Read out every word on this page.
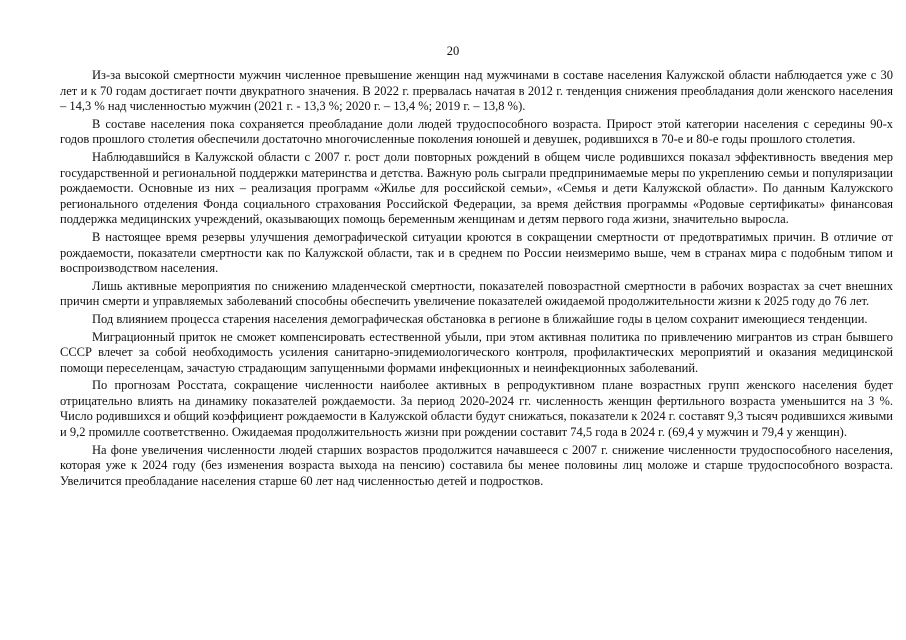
20

Из-за высокой смертности мужчин численное превышение женщин над мужчинами в составе населения Калужской области наблюдается уже с 30 лет и к 70 годам достигает почти двукратного значения. В 2022 г. прервалась начатая в 2012 г. тенденция снижения преобладания доли женского населения – 14,3 % над численностью мужчин (2021 г. - 13,3 %; 2020 г. – 13,4 %; 2019 г. – 13,8 %).

В составе населения пока сохраняется преобладание доли людей трудоспособного возраста. Прирост этой категории населения с середины 90-х годов прошлого столетия обеспечили достаточно многочисленные поколения юношей и девушек, родившихся в 70-е и 80-е годы прошлого столетия.

Наблюдавшийся в Калужской области с 2007 г. рост доли повторных рождений в общем числе родившихся показал эффективность введения мер государственной и региональной поддержки материнства и детства. Важную роль сыграли предпринимаемые меры по укреплению семьи и популяризации рождаемости. Основные из них – реализация программ «Жилье для российской семьи», «Семья и дети Калужской области». По данным Калужского регионального отделения Фонда социального страхования Российской Федерации, за время действия программы «Родовые сертификаты» финансовая поддержка медицинских учреждений, оказывающих помощь беременным женщинам и детям первого года жизни, значительно выросла.

В настоящее время резервы улучшения демографической ситуации кроются в сокращении смертности от предотвратимых причин. В отличие от рождаемости, показатели смертности как по Калужской области, так и в среднем по России неизмеримо выше, чем в странах мира с подобным типом и воспроизводством населения.

Лишь активные мероприятия по снижению младенческой смертности, показателей повозрастной смертности в рабочих возрастах за счет внешних причин смерти и управляемых заболеваний способны обеспечить увеличение показателей ожидаемой продолжительности жизни к 2025 году до 76 лет.

Под влиянием процесса старения населения демографическая обстановка в регионе в ближайшие годы в целом сохранит имеющиеся тенденции.

Миграционный приток не сможет компенсировать естественной убыли, при этом активная политика по привлечению мигрантов из стран бывшего СССР влечет за собой необходимость усиления санитарно-эпидемиологического контроля, профилактических мероприятий и оказания медицинской помощи переселенцам, зачастую страдающим запущенными формами инфекционных и неинфекционных заболеваний.

По прогнозам Росстата, сокращение численности наиболее активных в репродуктивном плане возрастных групп женского населения будет отрицательно влиять на динамику показателей рождаемости. За период 2020-2024 гг. численность женщин фертильного возраста уменьшится на 3 %. Число родившихся и общий коэффициент рождаемости в Калужской области будут снижаться, показатели к 2024 г. составят 9,3 тысяч родившихся живыми и 9,2 промилле соответственно. Ожидаемая продолжительность жизни при рождении составит 74,5 года в 2024 г. (69,4 у мужчин и 79,4 у женщин).

На фоне увеличения численности людей старших возрастов продолжится начавшееся с 2007 г. снижение численности трудоспособного населения, которая уже к 2024 году (без изменения возраста выхода на пенсию) составила бы менее половины лиц моложе и старше трудоспособного возраста. Увеличится преобладание населения старше 60 лет над численностью детей и подростков.
